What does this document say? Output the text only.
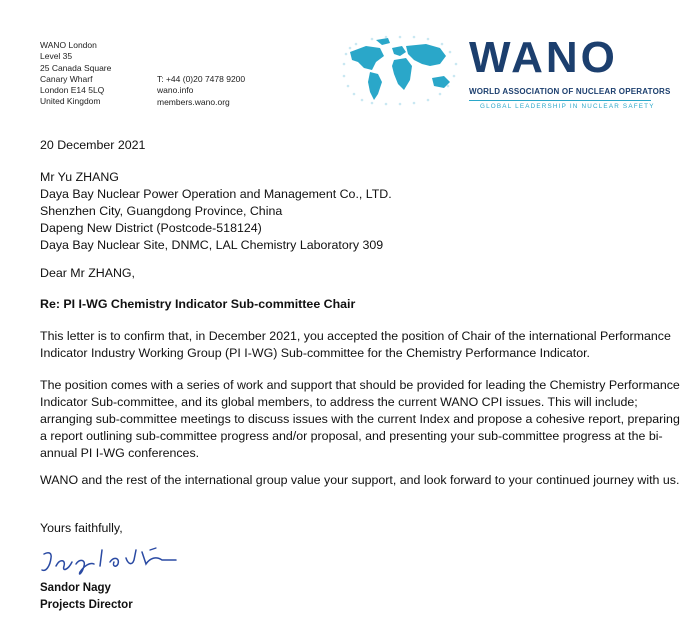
WANO London
Level 35
25 Canada Square
Canary Wharf
London E14 5LQ
United Kingdom
T: +44 (0)20 7478 9200
wano.info
members.wano.org
WANO
WORLD ASSOCIATION OF NUCLEAR OPERATORS
GLOBAL LEADERSHIP IN NUCLEAR SAFETY
20 December 2021
Mr Yu ZHANG
Daya Bay Nuclear Power Operation and Management Co., LTD.
Shenzhen City, Guangdong Province, China
Dapeng New District (Postcode-518124)
Daya Bay Nuclear Site, DNMC, LAL Chemistry Laboratory 309
Dear Mr ZHANG,
Re: PI I-WG Chemistry Indicator Sub-committee Chair
This letter is to confirm that, in December 2021, you accepted the position of Chair of the international Performance Indicator Industry Working Group (PI I-WG) Sub-committee for the Chemistry Performance Indicator.
The position comes with a series of work and support that should be provided for leading the Chemistry Performance Indicator Sub-committee, and its global members, to address the current WANO CPI issues. This will include; arranging sub-committee meetings to discuss issues with the current Index and propose a cohesive report, preparing a report outlining sub-committee progress and/or proposal, and presenting your sub-committee progress at the bi-annual PI I-WG conferences.
WANO and the rest of the international group value your support, and look forward to your continued journey with us.
Yours faithfully,
Sandor Nagy
Projects Director
